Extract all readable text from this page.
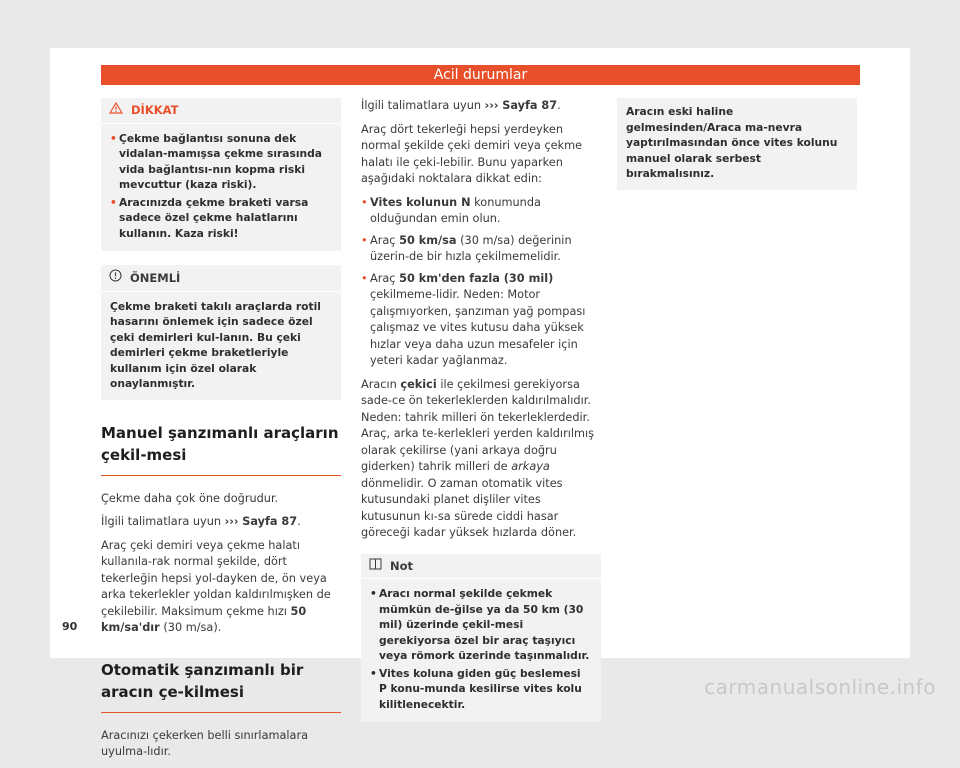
Acil durumlar
DİKKAT
• Çekme bağlantısı sonuna dek vidalan-mamışsa çekme sırasında vida bağlantısı-nın kopma riski mevcuttur (kaza riski).
• Aracınızda çekme braketi varsa sadece özel çekme halatlarını kullanın. Kaza riski!
ÖNEMLİ
Çekme braketi takılı araçlarda rotil hasarını önlemek için sadece özel çeki demirleri kul-lanın. Bu çeki demirleri çekme braketleriyle kullanım için özel olarak onaylanmıştır.
Manuel şanzımanlı araçların çekil-mesi

Çekme daha çok öne doğrudur.

İlgili talimatlara uyun ››› Sayfa 87.

Araç çeki demiri veya çekme halatı kullanıla-rak normal şekilde, dört tekerleğin hepsi yol-dayken de, ön veya arka tekerlekler yoldan kaldırılmışken de çekilebilir. Maksimum çekme hızı 50 km/sa'dır (30 m/sa).

Otomatik şanzımanlı bir aracın çe-kilmesi

Aracınızı çekerken belli sınırlamalara uyulma-lıdır.

İlgili talimatlara uyun ››› Sayfa 87.

Araç dört tekerleği hepsi yerdeyken normal şekilde çeki demiri veya çekme halatı ile çeki-lebilir. Bunu yaparken aşağıdaki noktalara dikkat edin:

• Vites kolunun N konumunda olduğundan emin olun.
• Araç 50 km/sa (30 m/sa) değerinin üzerin-de bir hızla çekilmemelidir.
• Araç 50 km'den fazla (30 mil) çekilmeme-lidir. Neden: Motor çalışmıyorken, şanzıman yağ pompası çalışmaz ve vites kutusu daha yüksek hızlar veya daha uzun mesafeler için yeteri kadar yağlanmaz.

Aracın çekici ile çekilmesi gerekiyorsa sade-ce ön tekerleklerden kaldırılmalıdır. Neden: tahrik milleri ön tekerleklerdedir. Araç, arka te-kerlekleri yerden kaldırılmış olarak çekilirse (yani arkaya doğru giderken) tahrik milleri de arkaya dönmelidir. O zaman otomatik vites kutusundaki planet dişliler vites kutusunun kı-sa sürede ciddi hasar göreceği kadar yüksek hızlarda döner.

Not
• Aracı normal şekilde çekmek mümkün de-ğilse ya da 50 km (30 mil) üzerinde çekil-mesi gerekiyorsa özel bir araç taşıyıcı veya römork üzerinde taşınmalıdır.
• Vites koluna giden güç beslemesi P konu-munda kesilirse vites kolu kilitlenecektir.
Aracın eski haline gelmesinden/Araca ma-nevra yaptırılmasından önce vites kolunu manuel olarak serbest bırakmalısınız.
90
carmanualsonline.info
